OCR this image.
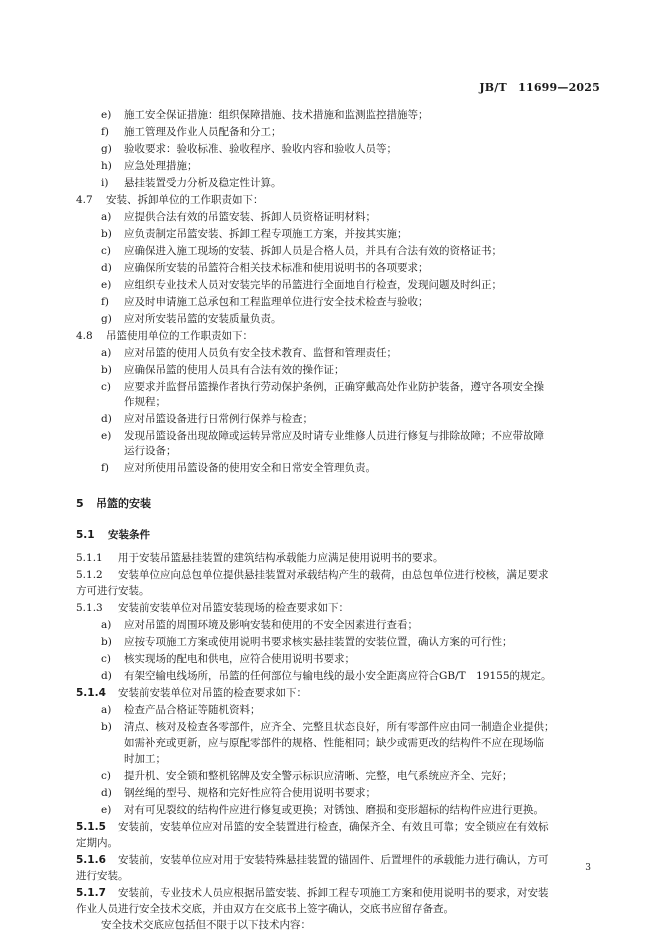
JB/T　11699—2025
e) 施工安全保证措施：组织保障措施、技术措施和监测监控措施等；
f) 施工管理及作业人员配备和分工；
g) 验收要求：验收标准、验收程序、验收内容和验收人员等；
h) 应急处理措施；
i) 悬挂装置受力分析及稳定性计算。
4.7 安装、拆卸单位的工作职责如下：
a) 应提供合法有效的吊篮安装、拆卸人员资格证明材料；
b) 应负责制定吊篮安装、拆卸工程专项施工方案，并按其实施；
c) 应确保进入施工现场的安装、拆卸人员是合格人员，并具有合法有效的资格证书；
d) 应确保所安装的吊篮符合相关技术标准和使用说明书的各项要求；
e) 应组织专业技术人员对安装完毕的吊篮进行全面地自行检查，发现问题及时纠正；
f) 应及时申请施工总承包和工程监理单位进行安全技术检查与验收；
g) 应对所安装吊篮的安装质量负责。
4.8 吊篮使用单位的工作职责如下：
a) 应对吊篮的使用人员负有安全技术教育、监督和管理责任；
b) 应确保吊篮的使用人员具有合法有效的操作证；
c) 应要求并监督吊篮操作者执行劳动保护条例，正确穿戴高处作业防护装备，遵守各项安全操
作规程；
d) 应对吊篮设备进行日常例行保养与检查；
e) 发现吊篮设备出现故障或运转异常应及时请专业维修人员进行修复与排除故障；不应带故障
运行设备；
f) 应对所使用吊篮设备的使用安全和日常安全管理负责。
5 吊篮的安装
5.1 安装条件
5.1.1 用于安装吊篮悬挂装置的建筑结构承载能力应满足使用说明书的要求。
5.1.2 安装单位应向总包单位提供悬挂装置对承载结构产生的载荷，由总包单位进行校核，满足要求
方可进行安装。
5.1.3 安装前安装单位对吊篮安装现场的检查要求如下：
a) 应对吊篮的周围环境及影响安装和使用的不安全因素进行查看；
b) 应按专项施工方案或使用说明书要求核实悬挂装置的安装位置，确认方案的可行性；
c) 核实现场的配电和供电，应符合使用说明书要求；
d) 有架空输电线场所，吊篮的任何部位与输电线的最小安全距离应符合GB/T　19155的规定。
5.1.4 安装前安装单位对吊篮的检查要求如下：
a) 检查产品合格证等随机资料；
b) 清点、核对及检查各零部件，应齐全、完整且状态良好，所有零部件应由同一制造企业提供；
如需补充或更新，应与原配零部件的规格、性能相同；缺少或需更改的结构件不应在现场临
时加工；
c) 提升机、安全锁和整机铭牌及安全警示标识应清晰、完整，电气系统应齐全、完好；
d) 钢丝绳的型号、规格和完好性应符合使用说明书要求；
e) 对有可见裂纹的结构件应进行修复或更换；对锈蚀、磨损和变形超标的结构件应进行更换。
5.1.5 安装前，安装单位应对吊篮的安全装置进行检查，确保齐全、有效且可靠；安全锁应在有效标
定期内。
5.1.6 安装前，安装单位应对用于安装特殊悬挂装置的锚固件、后置埋件的承载能力进行确认，方可
进行安装。
5.1.7 安装前，专业技术人员应根据吊篮安装、拆卸工程专项施工方案和使用说明书的要求，对安装
作业人员进行安全技术交底，并由双方在交底书上签字确认，交底书应留存备查。
安全技术交底应包括但不限于以下技术内容：
3
